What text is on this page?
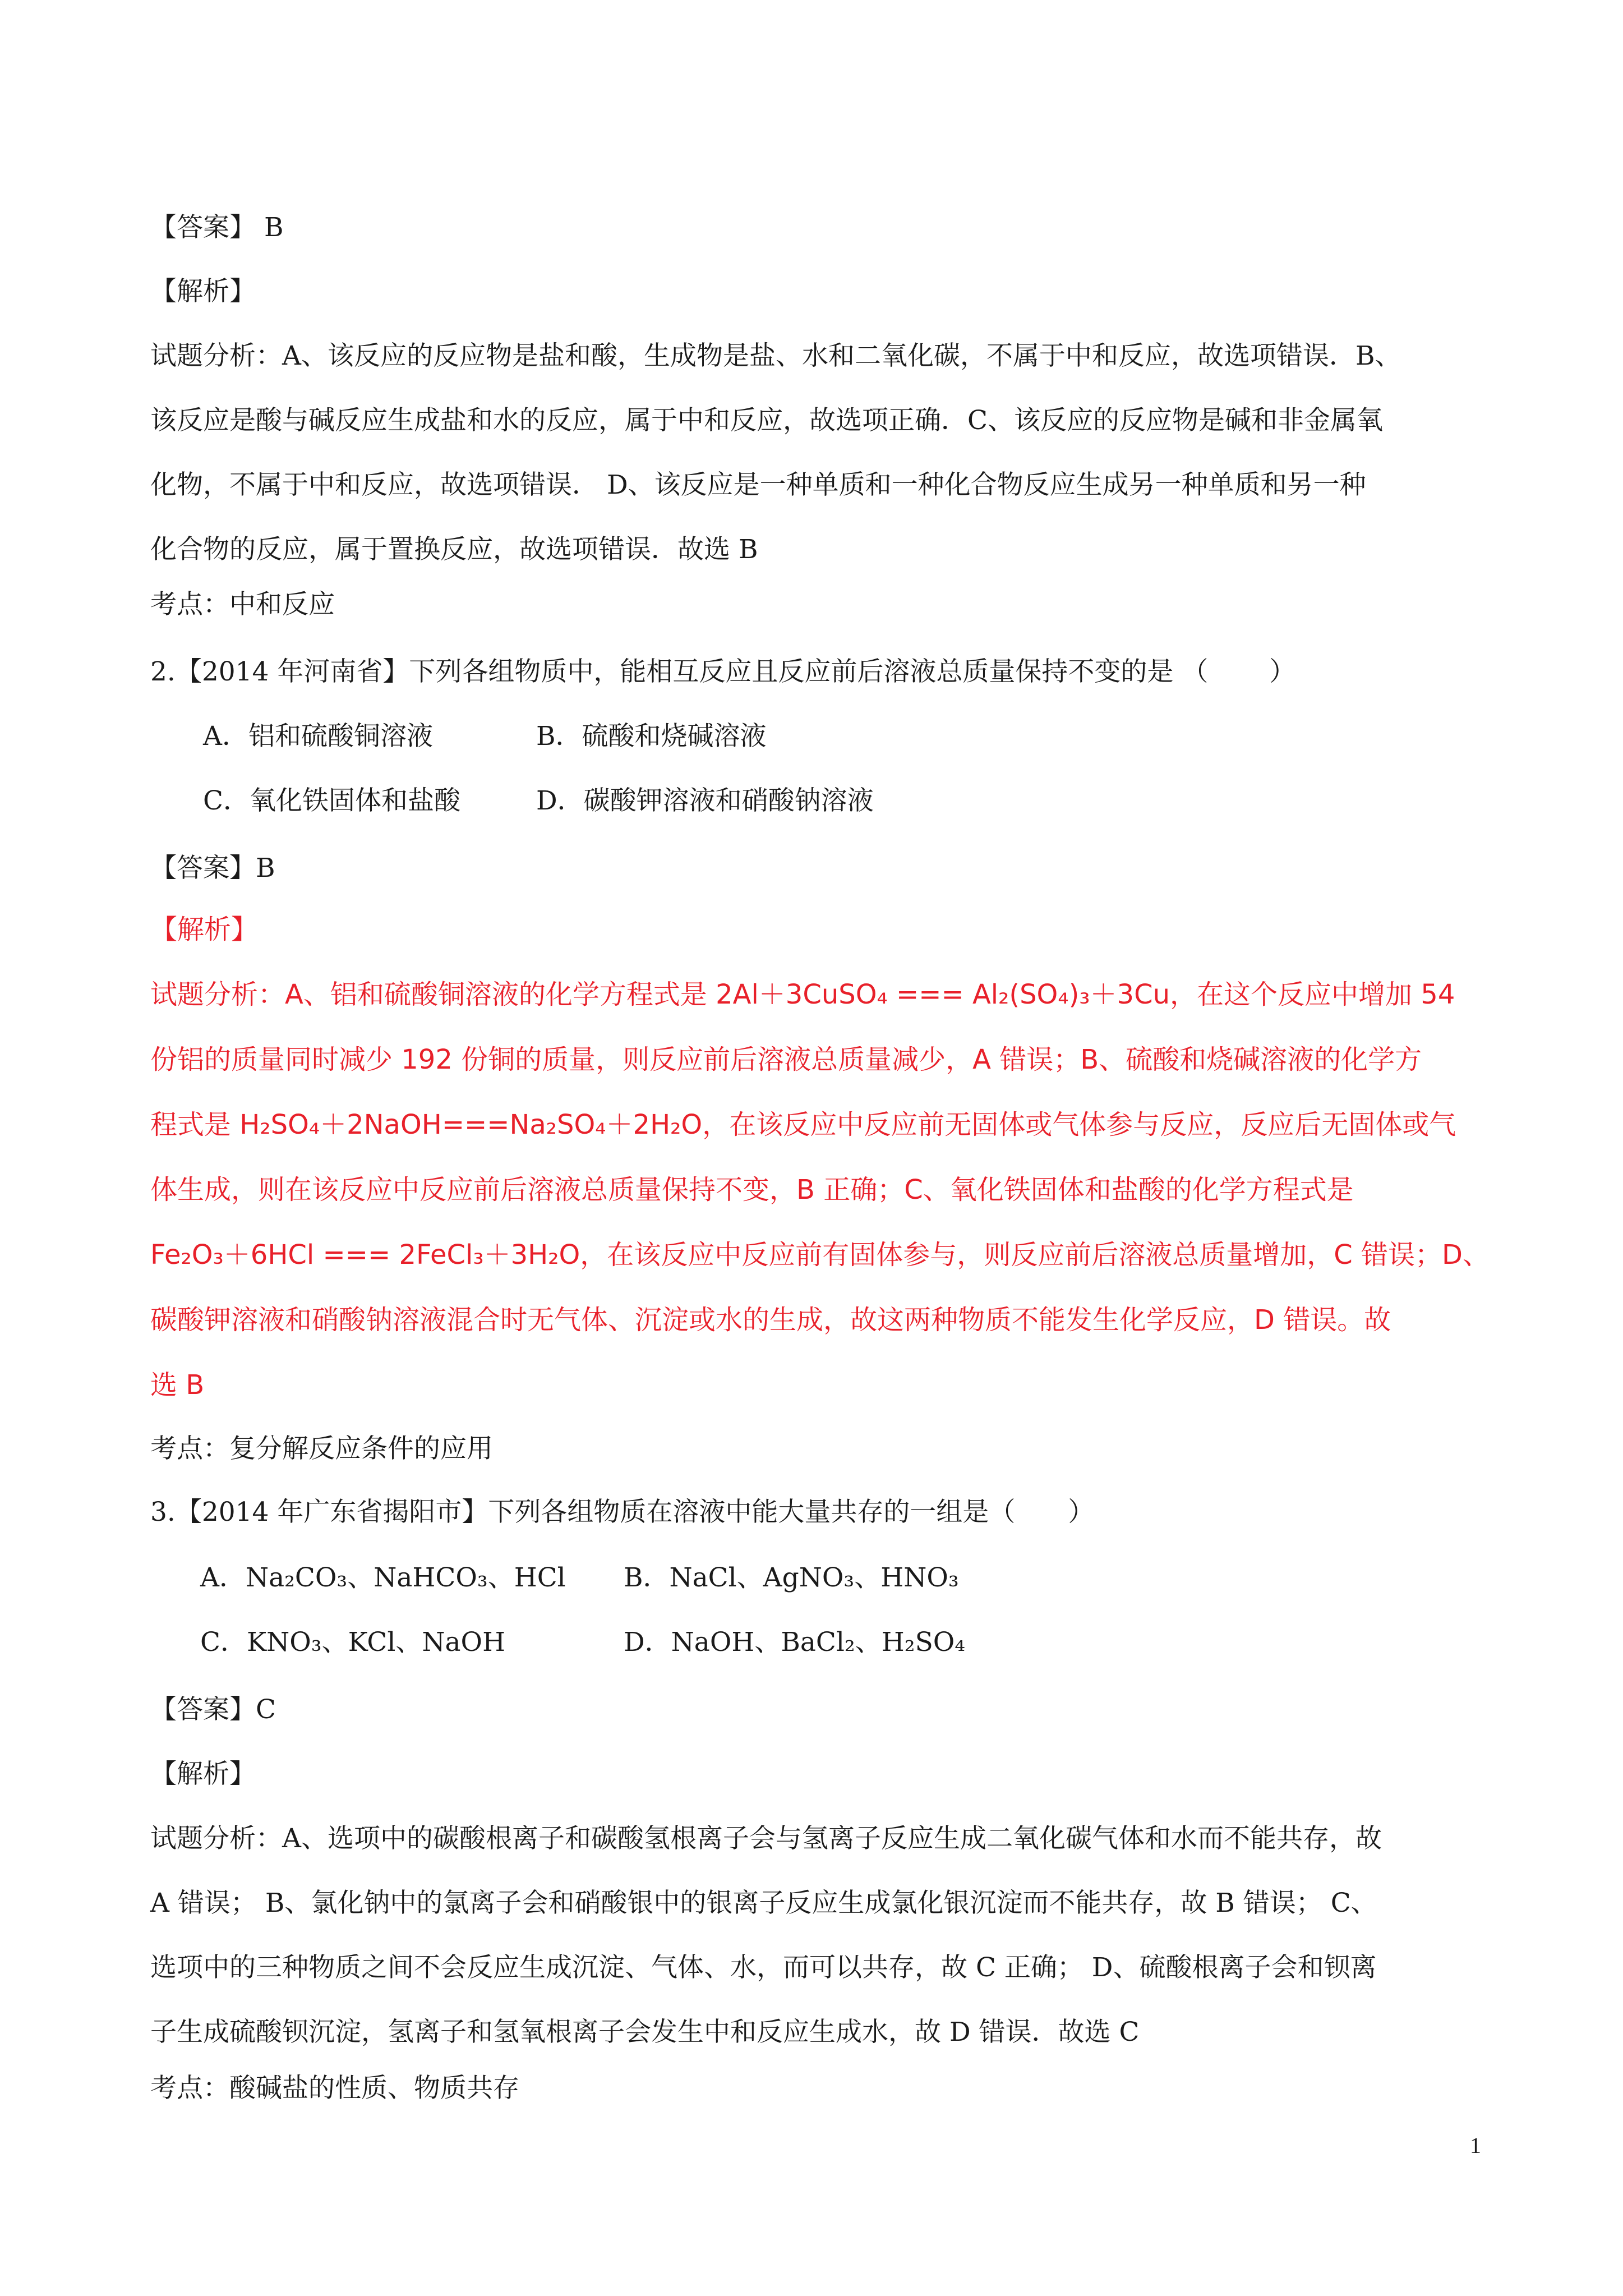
【答案】 B
【解析】
试题分析：A、该反应的反应物是盐和酸，生成物是盐、水和二氧化碳，不属于中和反应，故选项错误．B、
该反应是酸与碱反应生成盐和水的反应，属于中和反应，故选项正确．C、该反应的反应物是碱和非金属氧
化物，不属于中和反应，故选项错误． D、该反应是一种单质和一种化合物反应生成另一种单质和另一种
化合物的反应，属于置换反应，故选项错误．故选 B
考点：中和反应
2.【2014 年河南省】下列各组物质中，能相互反应且反应前后溶液总质量保持不变的是 （　　 ）
A．铝和硫酸铜溶液	B．硫酸和烧碱溶液
C．氧化铁固体和盐酸	D．碳酸钾溶液和硝酸钠溶液
【答案】B
【解析】
试题分析：A、铝和硫酸铜溶液的化学方程式是 2Al＋3CuSO₄ === Al₂(SO₄)₃＋3Cu，在这个反应中增加 54
份铝的质量同时减少 192 份铜的质量，则反应前后溶液总质量减少，A 错误；B、硫酸和烧碱溶液的化学方
程式是 H₂SO₄＋2NaOH===Na₂SO₄＋2H₂O，在该反应中反应前无固体或气体参与反应，反应后无固体或气
体生成，则在该反应中反应前后溶液总质量保持不变，B 正确；C、氧化铁固体和盐酸的化学方程式是
Fe₂O₃＋6HCl === 2FeCl₃＋3H₂O，在该反应中反应前有固体参与，则反应前后溶液总质量增加，C 错误；D、
碳酸钾溶液和硝酸钠溶液混合时无气体、沉淀或水的生成，故这两种物质不能发生化学反应，D 错误。故
选 B
考点：复分解反应条件的应用
3.【2014 年广东省揭阳市】下列各组物质在溶液中能大量共存的一组是（　　）
A．Na₂CO₃、NaHCO₃、HCl B．NaCl、AgNO₃、HNO₃
C．KNO₃、KCl、NaOH	D．NaOH、BaCl₂、H₂SO₄
【答案】C
【解析】
试题分析：A、选项中的碳酸根离子和碳酸氢根离子会与氢离子反应生成二氧化碳气体和水而不能共存，故
A 错误； B、氯化钠中的氯离子会和硝酸银中的银离子反应生成氯化银沉淀而不能共存，故 B 错误； C、
选项中的三种物质之间不会反应生成沉淀、气体、水，而可以共存，故 C 正确； D、硫酸根离子会和钡离
子生成硫酸钡沉淀，氢离子和氢氧根离子会发生中和反应生成水，故 D 错误．故选 C
考点：酸碱盐的性质、物质共存
1
